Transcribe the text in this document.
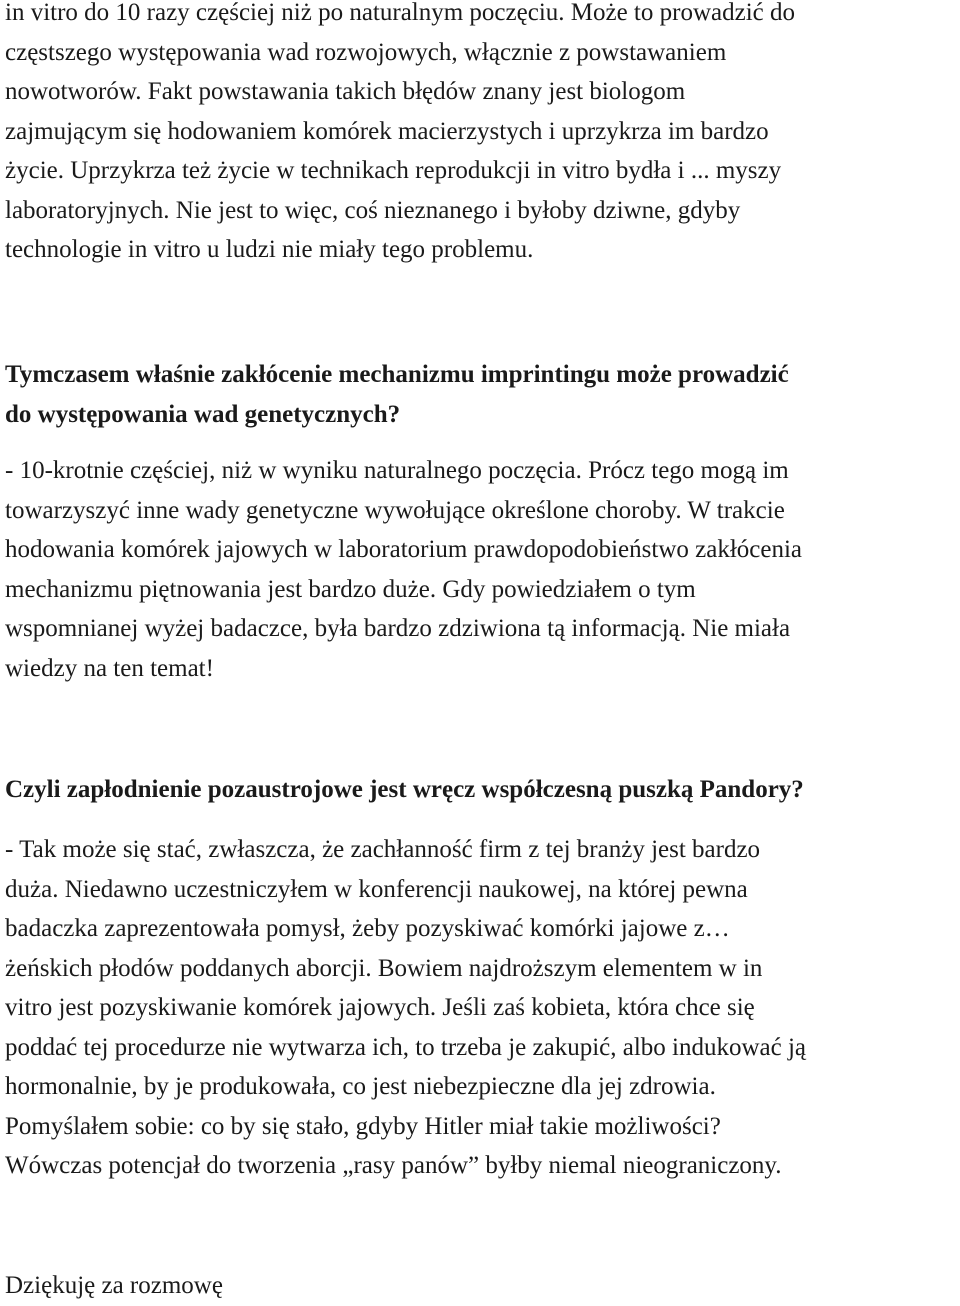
in vitro do 10 razy częściej niż po naturalnym poczęciu. Może to prowadzić do
częstszego występowania wad rozwojowych, włącznie z powstawaniem
nowotworów. Fakt powstawania takich błędów znany jest biologom
zajmującym się hodowaniem komórek macierzystych i uprzykrza im bardzo
życie. Uprzykrza też życie w technikach reprodukcji in vitro bydła i ... myszy
laboratoryjnych. Nie jest to więc, coś nieznanego i byłoby dziwne, gdyby
technologie in vitro u ludzi nie miały tego problemu.
Tymczasem właśnie zakłócenie mechanizmu imprintingu może prowadzić
do występowania wad genetycznych?
- 10-krotnie częściej, niż w wyniku naturalnego poczęcia. Prócz tego mogą im
towarzyszyć inne wady genetyczne wywołujące określone choroby. W trakcie
hodowania komórek jajowych w laboratorium prawdopodobieństwo zakłócenia
mechanizmu piętnowania jest bardzo duże. Gdy powiedziałem o tym
wspomnianej wyżej badaczce, była bardzo zdziwiona tą informacją. Nie miała
wiedzy na ten temat!
Czyli zapłodnienie pozaustrojowe jest wręcz współczesną puszką Pandory?
- Tak może się stać, zwłaszcza, że zachłanność firm z tej branży jest bardzo
duża. Niedawno uczestniczyłem w konferencji naukowej, na której pewna
badaczka zaprezentowała pomysł, żeby pozyskiwać komórki jajowe z…
żeńskich płodów poddanych aborcji. Bowiem najdroższym elementem w in
vitro jest pozyskiwanie komórek jajowych. Jeśli zaś kobieta, która chce się
poddać tej procedurze nie wytwarza ich, to trzeba je zakupić, albo indukować ją
hormonalnie, by je produkowała, co jest niebezpieczne dla jej zdrowia.
Pomyślałem sobie: co by się stało, gdyby Hitler miał takie możliwości?
Wówczas potencjał do tworzenia „rasy panów” byłby niemal nieograniczony.
Dziękuję za rozmowę
